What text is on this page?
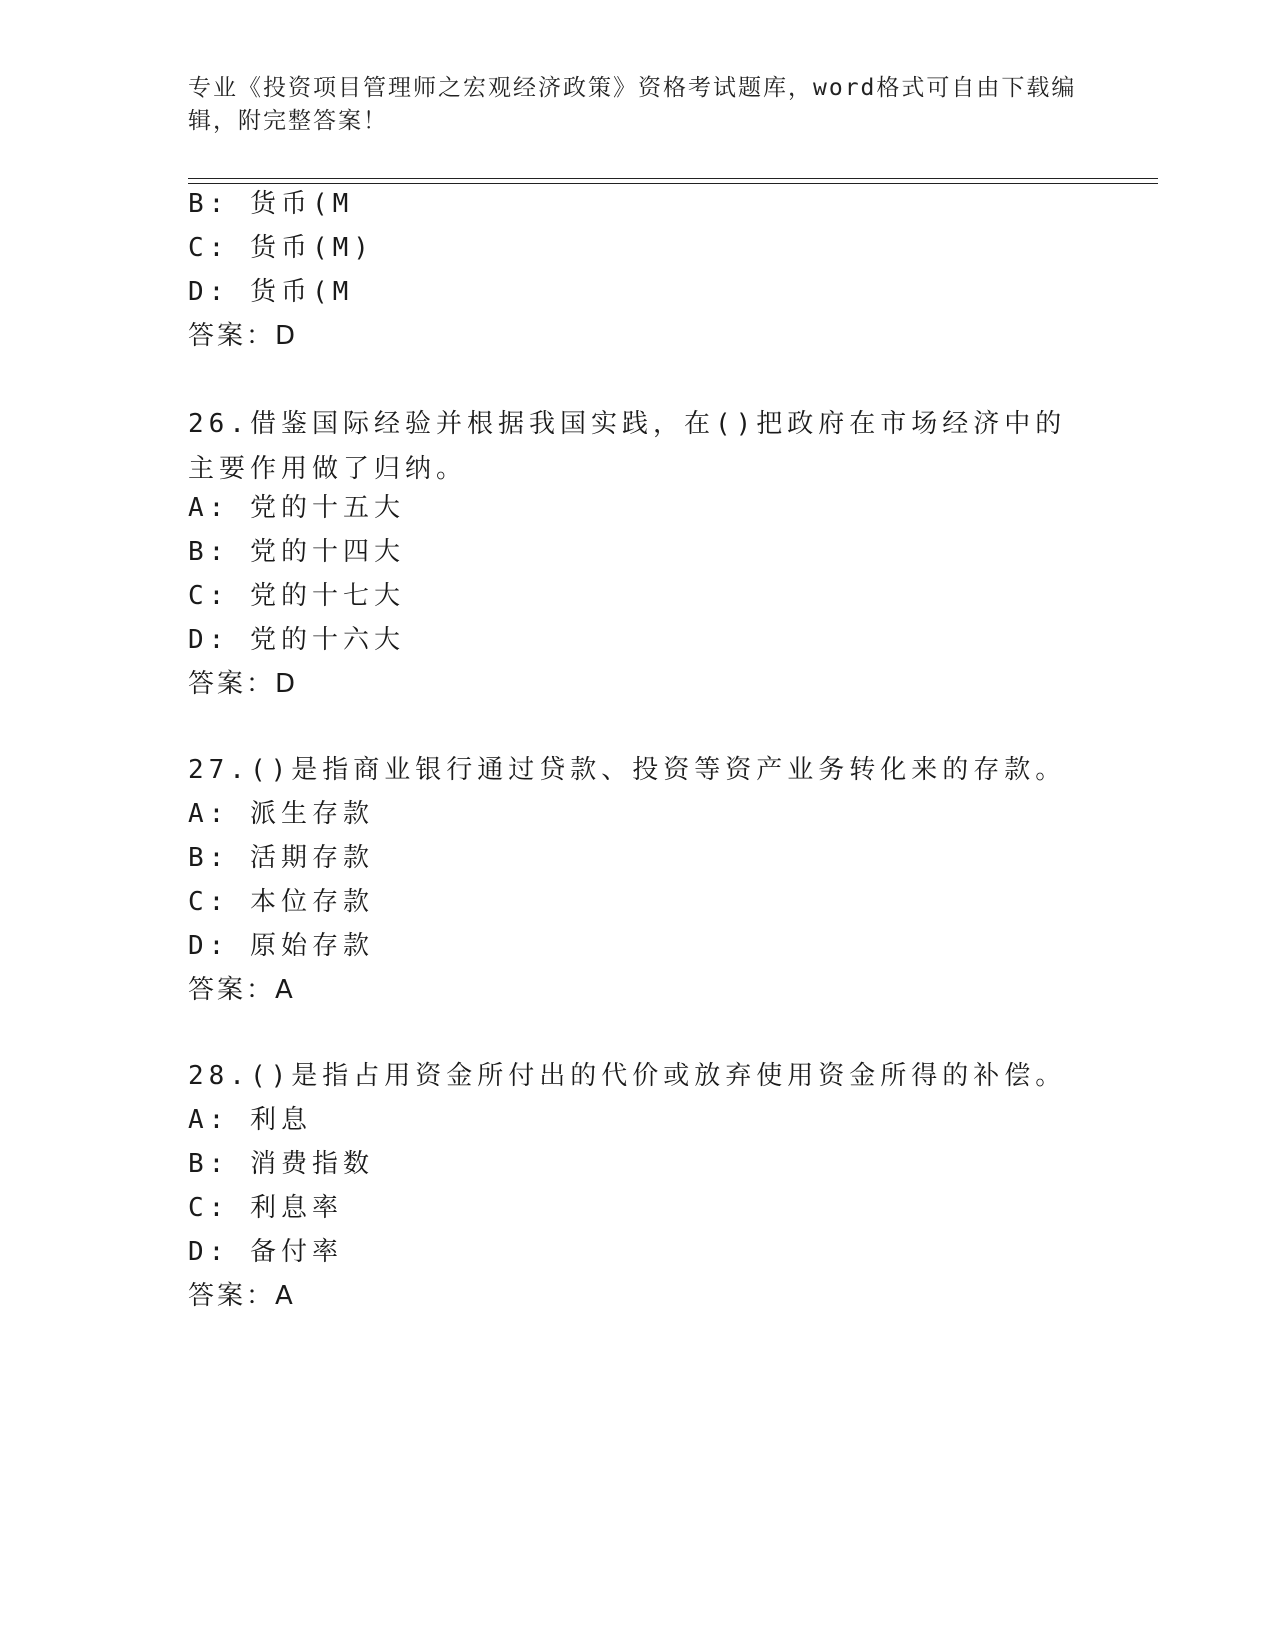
专业《投资项目管理师之宏观经济政策》资格考试题库，word格式可自由下载编辑，附完整答案！
B: 货币(M
C: 货币(M)
D: 货币(M
答案：D
26.借鉴国际经验并根据我国实践，在()把政府在市场经济中的主要作用做了归纳。
A: 党的十五大
B: 党的十四大
C: 党的十七大
D: 党的十六大
答案：D
27.()是指商业银行通过贷款、投资等资产业务转化来的存款。
A: 派生存款
B: 活期存款
C: 本位存款
D: 原始存款
答案：A
28.()是指占用资金所付出的代价或放弃使用资金所得的补偿。
A: 利息
B: 消费指数
C: 利息率
D: 备付率
答案：A
